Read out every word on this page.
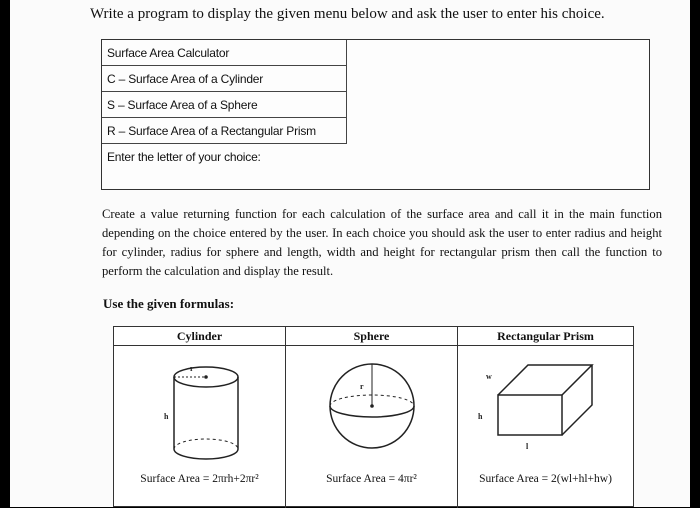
Write a program to display the given menu below and ask the user to enter his choice.
Surface Area Calculator
C – Surface Area of a Cylinder
S – Surface Area of a Sphere
R – Surface Area of a Rectangular Prism
Enter the letter of your choice:
Create a value returning function for each calculation of the surface area and call it in the main function depending on the choice entered by the user. In each choice you should ask the user to enter radius and height for cylinder, radius for sphere and length, width and height for rectangular prism then call the function to perform the calculation and display the result.
Use the given formulas:
Cylinder
r
h
Surface Area = 2πrh+2πr²
Sphere
r
Surface Area = 4πr²
Rectangular Prism
w
h
l
Surface Area = 2(wl+hl+hw)
